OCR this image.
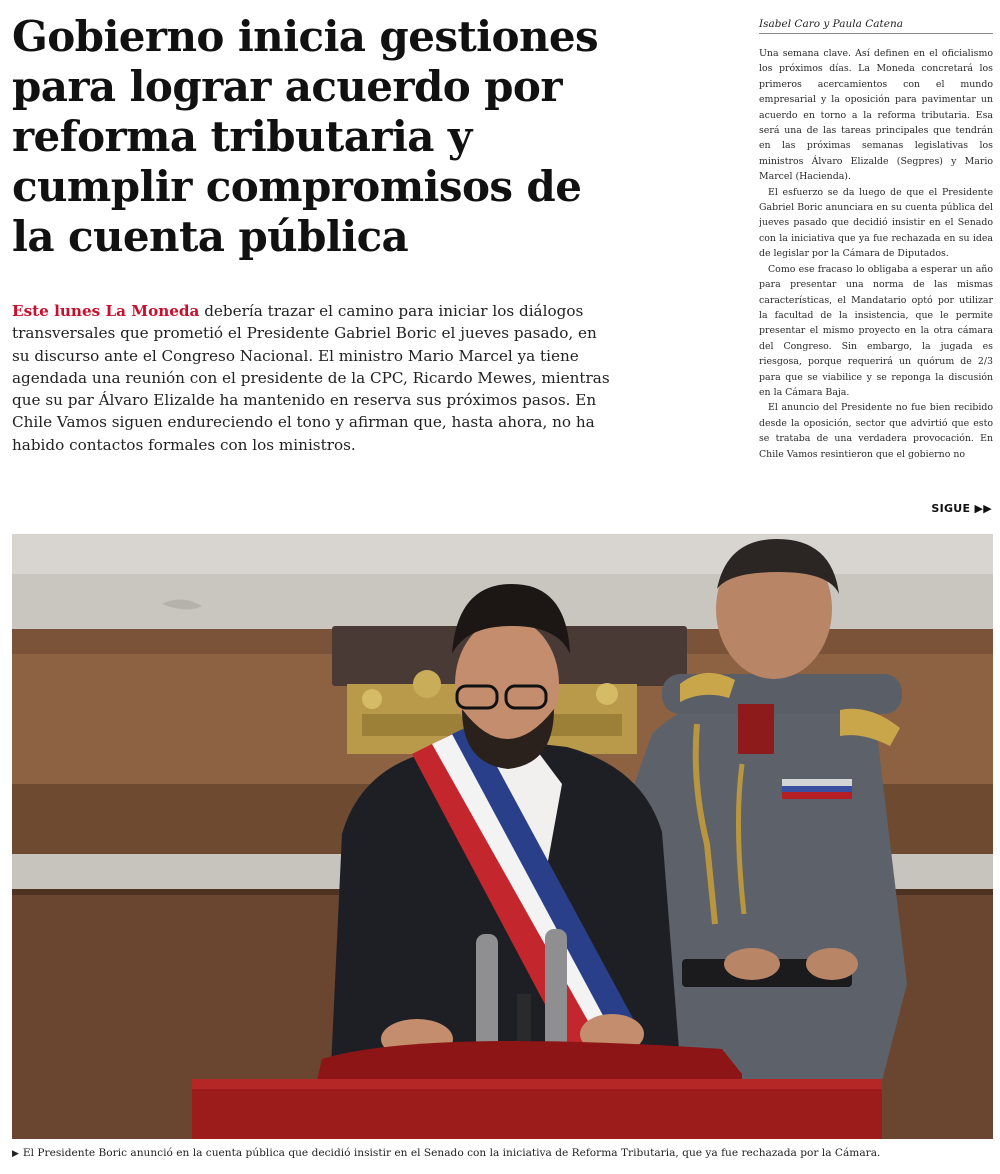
Gobierno inicia gestiones para lograr acuerdo por reforma tributaria y cumplir compromisos de la cuenta pública

Este lunes La Moneda debería trazar el camino para iniciar los diálogos transversales que prometió el Presidente Gabriel Boric el jueves pasado, en su discurso ante el Congreso Nacional. El ministro Mario Marcel ya tiene agendada una reunión con el presidente de la CPC, Ricardo Mewes, mientras que su par Álvaro Elizalde ha mantenido en reserva sus próximos pasos. En Chile Vamos siguen endureciendo el tono y afirman que, hasta ahora, no ha habido contactos formales con los ministros.

Isabel Caro y Paula Catena

Una semana clave. Así definen en el oficialismo los próximos días. La Moneda concretará los primeros acercamientos con el mundo empresarial y la oposición para pavimentar un acuerdo en torno a la reforma tributaria. Esa será una de las tareas principales que tendrán en las próximas semanas legislativas los ministros Álvaro Elizalde (Segpres) y Mario Marcel (Hacienda).

El esfuerzo se da luego de que el Presidente Gabriel Boric anunciara en su cuenta pública del jueves pasado que decidió insistir en el Senado con la iniciativa que ya fue rechazada en su idea de legislar por la Cámara de Diputados.

Como ese fracaso lo obligaba a esperar un año para presentar una norma de las mismas características, el Mandatario optó por utilizar la facultad de la insistencia, que le permite presentar el mismo proyecto en la otra cámara del Congreso. Sin embargo, la jugada es riesgosa, porque requerirá un quórum de 2/3 para que se viabilice y se reponga la discusión en la Cámara Baja.

El anuncio del Presidente no fue bien recibido desde la oposición, sector que advirtió que esto se trataba de una verdadera provocación. En Chile Vamos resintieron que el gobierno no

SIGUE ▶▶

▶ El Presidente Boric anunció en la cuenta pública que decidió insistir en el Senado con la iniciativa de Reforma Tributaria, que ya fue rechazada por la Cámara.
